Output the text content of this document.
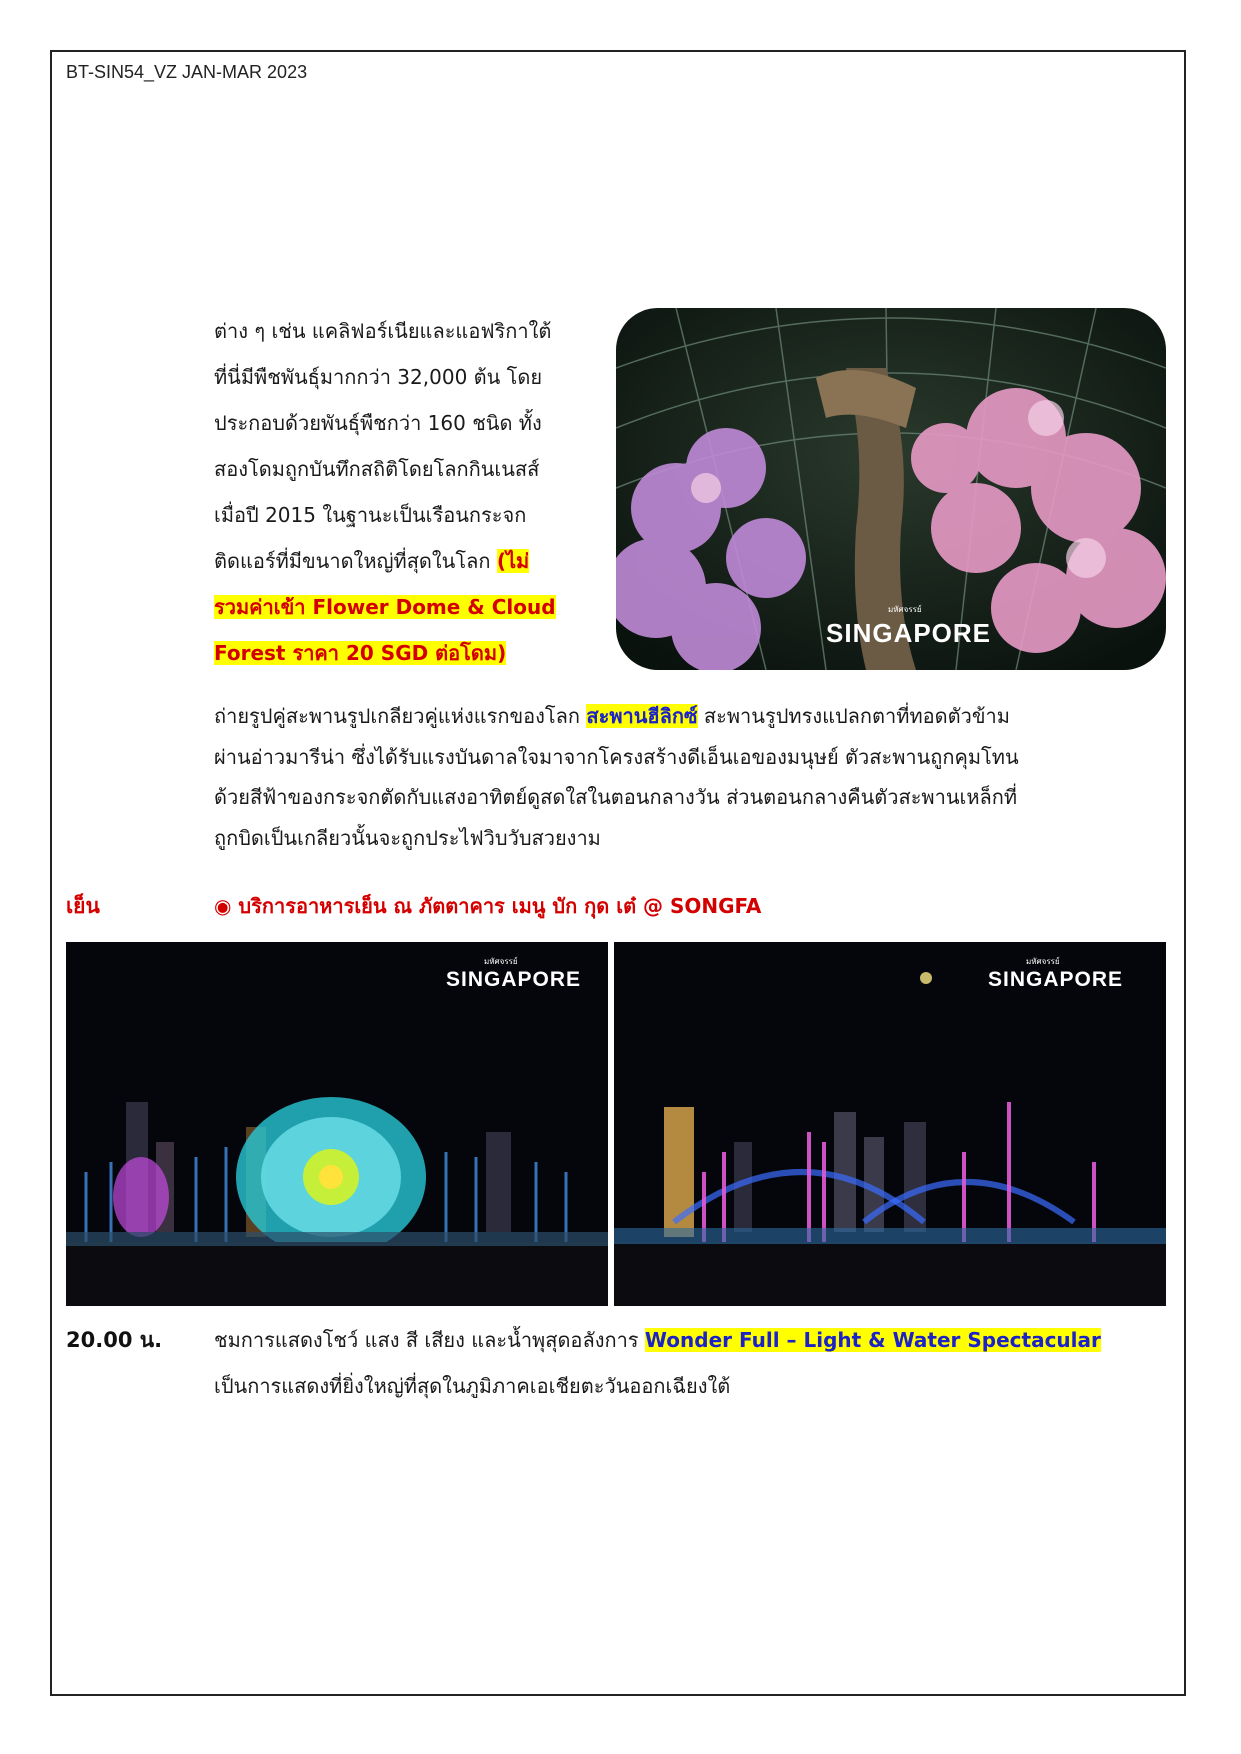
BT-SIN54_VZ JAN-MAR 2023
ต่าง ๆ เช่น แคลิฟอร์เนียและแอฟริกาใต้
ที่นี่มีพืชพันธุ์มากกว่า 32,000 ต้น โดย
ประกอบด้วยพันธุ์พืชกว่า 160 ชนิด ทั้ง
สองโดมถูกบันทึกสถิติโดยโลกกินเนสส์
เมื่อปี 2015 ในฐานะเป็นเรือนกระจก
ติดแอร์ที่มีขนาดใหญ่ที่สุดในโลก (ไม่
รวมค่าเข้า Flower Dome & Cloud
Forest ราคา 20 SGD ต่อโดม)
มหัศจรรย์
SINGAPORE
ถ่ายรูปคู่สะพานรูปเกลียวคู่แห่งแรกของโลก สะพานฮีลิกซ์ สะพานรูปทรงแปลกตาที่ทอดตัวข้าม
ผ่านอ่าวมารีน่า ซึ่งได้รับแรงบันดาลใจมาจากโครงสร้างดีเอ็นเอของมนุษย์ ตัวสะพานถูกคุมโทน
ด้วยสีฟ้าของกระจกตัดกับแสงอาทิตย์ดูสดใสในตอนกลางวัน ส่วนตอนกลางคืนตัวสะพานเหล็กที่
ถูกบิดเป็นเกลียวนั้นจะถูกประไฟวิบวับสวยงาม
เย็น	◉ บริการอาหารเย็น ณ ภัตตาคาร เมนู บัก กุด เต๋ @ SONGFA
มหัศจรรย์
SINGAPORE
มหัศจรรย์
SINGAPORE
20.00 น.	ชมการแสดงโชว์ แสง สี เสียง และน้ำพุสุดอลังการ Wonder Full – Light & Water Spectacular
เป็นการแสดงที่ยิ่งใหญ่ที่สุดในภูมิภาคเอเชียตะวันออกเฉียงใต้
